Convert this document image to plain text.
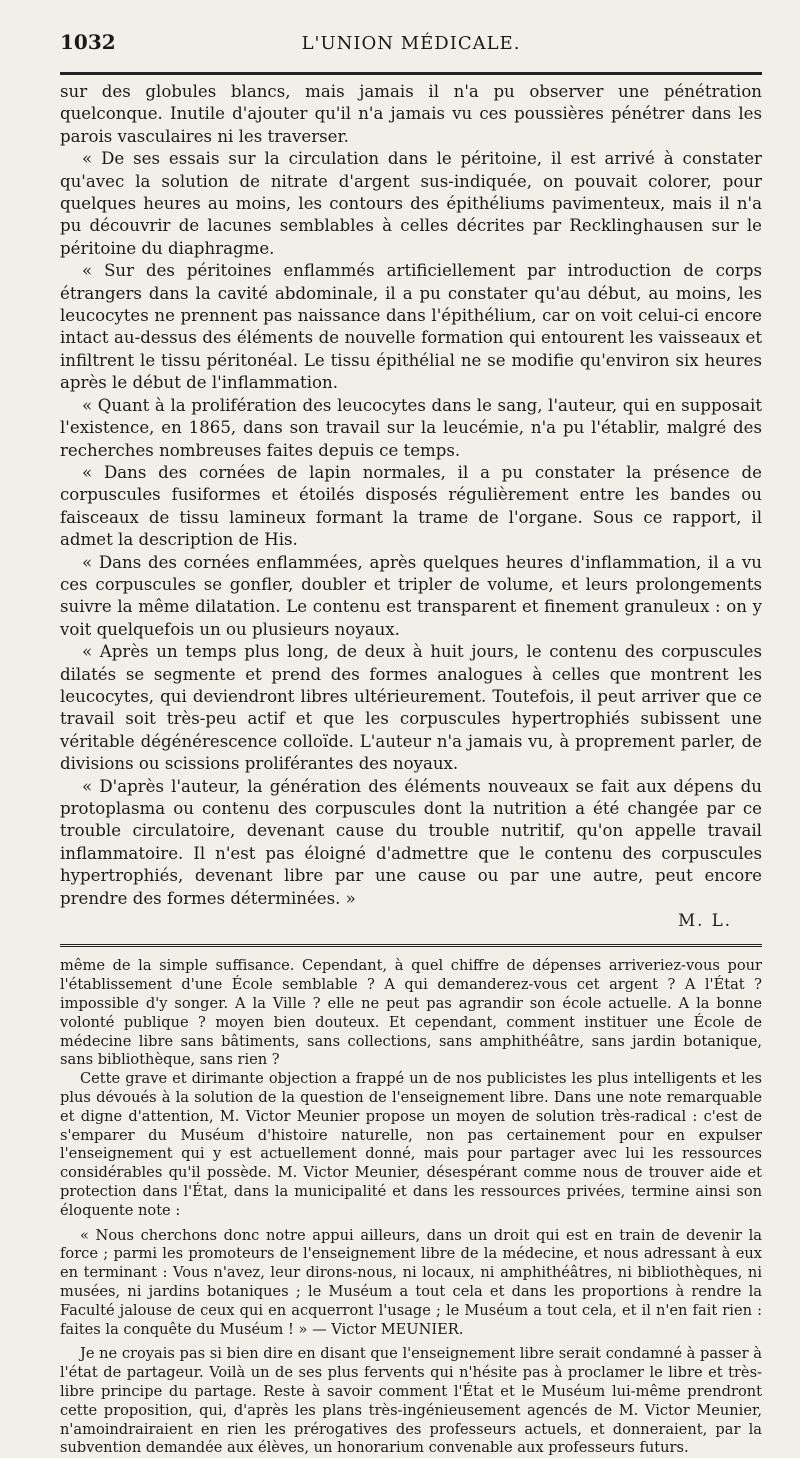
1032	L'UNION MÉDICALE.

sur des globules blancs, mais jamais il n'a pu observer une pénétration quelconque. Inutile d'ajouter qu'il n'a jamais vu ces poussières pénétrer dans les parois vasculaires ni les traverser.

« De ses essais sur la circulation dans le péritoine, il est arrivé à constater qu'avec la solution de nitrate d'argent sus-indiquée, on pouvait colorer, pour quelques heures au moins, les contours des épithéliums pavimenteux, mais il n'a pu découvrir de lacunes semblables à celles décrites par Recklinghausen sur le péritoine du diaphragme.

« Sur des péritoines enflammés artificiellement par introduction de corps étrangers dans la cavité abdominale, il a pu constater qu'au début, au moins, les leucocytes ne prennent pas naissance dans l'épithélium, car on voit celui-ci encore intact au-dessus des éléments de nouvelle formation qui entourent les vaisseaux et infiltrent le tissu péritonéal. Le tissu épithélial ne se modifie qu'environ six heures après le début de l'inflammation.

« Quant à la prolifération des leucocytes dans le sang, l'auteur, qui en supposait l'existence, en 1865, dans son travail sur la leucémie, n'a pu l'établir, malgré des recherches nombreuses faites depuis ce temps.

« Dans des cornées de lapin normales, il a pu constater la présence de corpuscules fusiformes et étoilés disposés régulièrement entre les bandes ou faisceaux de tissu lamineux formant la trame de l'organe. Sous ce rapport, il admet la description de His.

« Dans des cornées enflammées, après quelques heures d'inflammation, il a vu ces corpuscules se gonfler, doubler et tripler de volume, et leurs prolongements suivre la même dilatation. Le contenu est transparent et finement granuleux : on y voit quelquefois un ou plusieurs noyaux.

« Après un temps plus long, de deux à huit jours, le contenu des corpuscules dilatés se segmente et prend des formes analogues à celles que montrent les leucocytes, qui deviendront libres ultérieurement. Toutefois, il peut arriver que ce travail soit très-peu actif et que les corpuscules hypertrophiés subissent une véritable dégénérescence colloïde. L'auteur n'a jamais vu, à proprement parler, de divisions ou scissions proliférantes des noyaux.

« D'après l'auteur, la génération des éléments nouveaux se fait aux dépens du protoplasma ou contenu des corpuscules dont la nutrition a été changée par ce trouble circulatoire, devenant cause du trouble nutritif, qu'on appelle travail inflammatoire. Il n'est pas éloigné d'admettre que le contenu des corpuscules hypertrophiés, devenant libre par une cause ou par une autre, peut encore prendre des formes déterminées. »

M. L.

même de la simple suffisance. Cependant, à quel chiffre de dépenses arriveriez-vous pour l'établissement d'une École semblable ? A qui demanderez-vous cet argent ? A l'État ? impossible d'y songer. A la Ville ? elle ne peut pas agrandir son école actuelle. A la bonne volonté publique ? moyen bien douteux. Et cependant, comment instituer une École de médecine libre sans bâtiments, sans collections, sans amphithéâtre, sans jardin botanique, sans bibliothèque, sans rien ?

Cette grave et dirimante objection a frappé un de nos publicistes les plus intelligents et les plus dévoués à la solution de la question de l'enseignement libre. Dans une note remarquable et digne d'attention, M. Victor Meunier propose un moyen de solution très-radical : c'est de s'emparer du Muséum d'histoire naturelle, non pas certainement pour en expulser l'enseignement qui y est actuellement donné, mais pour partager avec lui les ressources considérables qu'il possède. M. Victor Meunier, désespérant comme nous de trouver aide et protection dans l'État, dans la municipalité et dans les ressources privées, termine ainsi son éloquente note :

« Nous cherchons donc notre appui ailleurs, dans un droit qui est en train de devenir la force ; parmi les promoteurs de l'enseignement libre de la médecine, et nous adressant à eux en terminant : Vous n'avez, leur dirons-nous, ni locaux, ni amphithéâtres, ni bibliothèques, ni musées, ni jardins botaniques ; le Muséum a tout cela et dans les proportions à rendre la Faculté jalouse de ceux qui en acquerront l'usage ; le Muséum a tout cela, et il n'en fait rien : faites la conquête du Muséum ! » — Victor MEUNIER.

Je ne croyais pas si bien dire en disant que l'enseignement libre serait condamné à passer à l'état de partageur. Voilà un de ses plus fervents qui n'hésite pas à proclamer le libre et très-libre principe du partage. Reste à savoir comment l'État et le Muséum lui-même prendront cette proposition, qui, d'après les plans très-ingénieusement agencés de M. Victor Meunier, n'amoindrairaient en rien les prérogatives des professeurs actuels, et donneraient, par la subvention demandée aux élèves, un honorarium convenable aux professeurs futurs.
